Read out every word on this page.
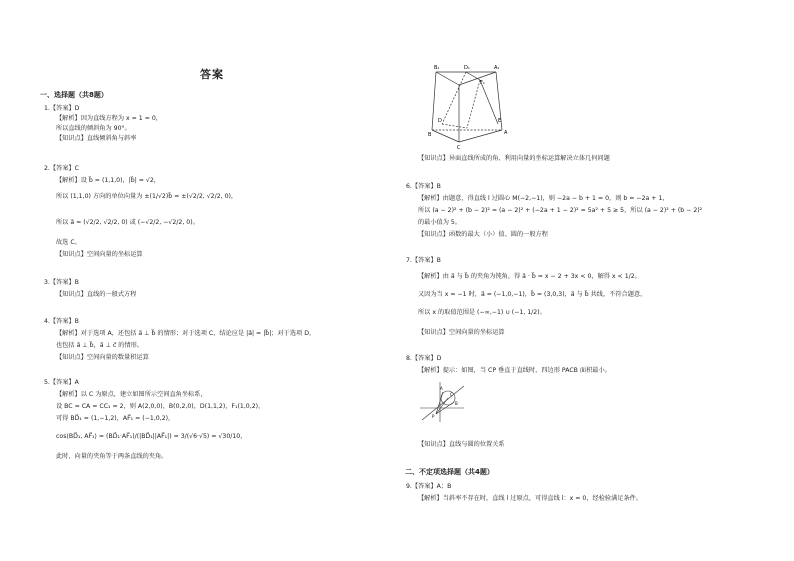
答案
一、选择题（共8题）
1.【答案】D
【解析】因为直线方程为 x = 1 = 0，
所以直线的倾斜角为 90°。
【知识点】直线倾斜角与斜率
2.【答案】C
【解析】设 b⃗ = (1,1,0)，|b⃗| = √2，
所以 (1,1,0) 方向的单位向量为 ±(1/√2)b⃗ = ±(√2/2, √2/2, 0)，
所以 a⃗ = (√2/2, √2/2, 0) 或 (−√2/2, −√2/2, 0)。
故选 C。
【知识点】空间向量的坐标运算
3.【答案】B
【知识点】直线的一般式方程
4.【答案】B
【解析】对于选项 A，还包括 a⃗ ⊥ b⃗ 的情形；对于选项 C，结论应是 |a⃗| = |b⃗|；对于选项 D，
也包括 a⃗ ⊥ b⃗，a⃗ ⊥ c⃗ 的情形。
【知识点】空间向量的数量积运算
5.【答案】A
【解析】以 C 为原点，建立如图所示空间直角坐标系，
设 BC = CA = CC₁ = 2，则 A(2,0,0)，B(0,2,0)，D(1,1,2)，F₁(1,0,2)，
可得 BD⃗₁ = (1,−1,2)，AF⃗₁ = (−1,0,2)，
cos⟨BD⃗₁, AF⃗₁⟩ = (BD⃗₁·AF⃗₁)/(|BD⃗₁||AF⃗₁|) = 3/(√6·√5) = √30/10，
此时，向量的夹角等于两条直线的夹角。
B₁	D₁	A₁
F₁
B
C
A
E
D
【知识点】异面直线所成的角、利用向量的坐标运算解决立体几何问题
6.【答案】B
【解析】由题意，得直线 l 过圆心 M(−2,−1)，则 −2a − b + 1 = 0，则 b = −2a + 1，
所以 (a − 2)² + (b − 2)² = (a − 2)² + (−2a + 1 − 2)² = 5a² + 5 ≥ 5，所以 (a − 2)² + (b − 2)²
的最小值为 5。
【知识点】函数的最大（小）值、圆的一般方程
7.【答案】B
【解析】由 a⃗ 与 b⃗ 的夹角为钝角，得 a⃗ · b⃗ = x − 2 + 3x < 0，解得 x < 1/2。
又因为当 x = −1 时，a⃗ = (−1,0,−1)，b⃗ = (3,0,3)，a⃗ 与 b⃗ 共线，不符合题意，
所以 x 的取值范围是 (−∞,−1) ∪ (−1, 1/2)。
【知识点】空间向量的坐标运算
8.【答案】D
【解析】提示：如图，当 CP 垂直于直线时，四边形 PACB 面积最小。
C
P
A
B
【知识点】直线与圆的位置关系
二、不定项选择题（共4题）
9.【答案】A；B
【解析】当斜率不存在时，直线 l 过原点，可得直线 l：x = 0，经检验满足条件。
